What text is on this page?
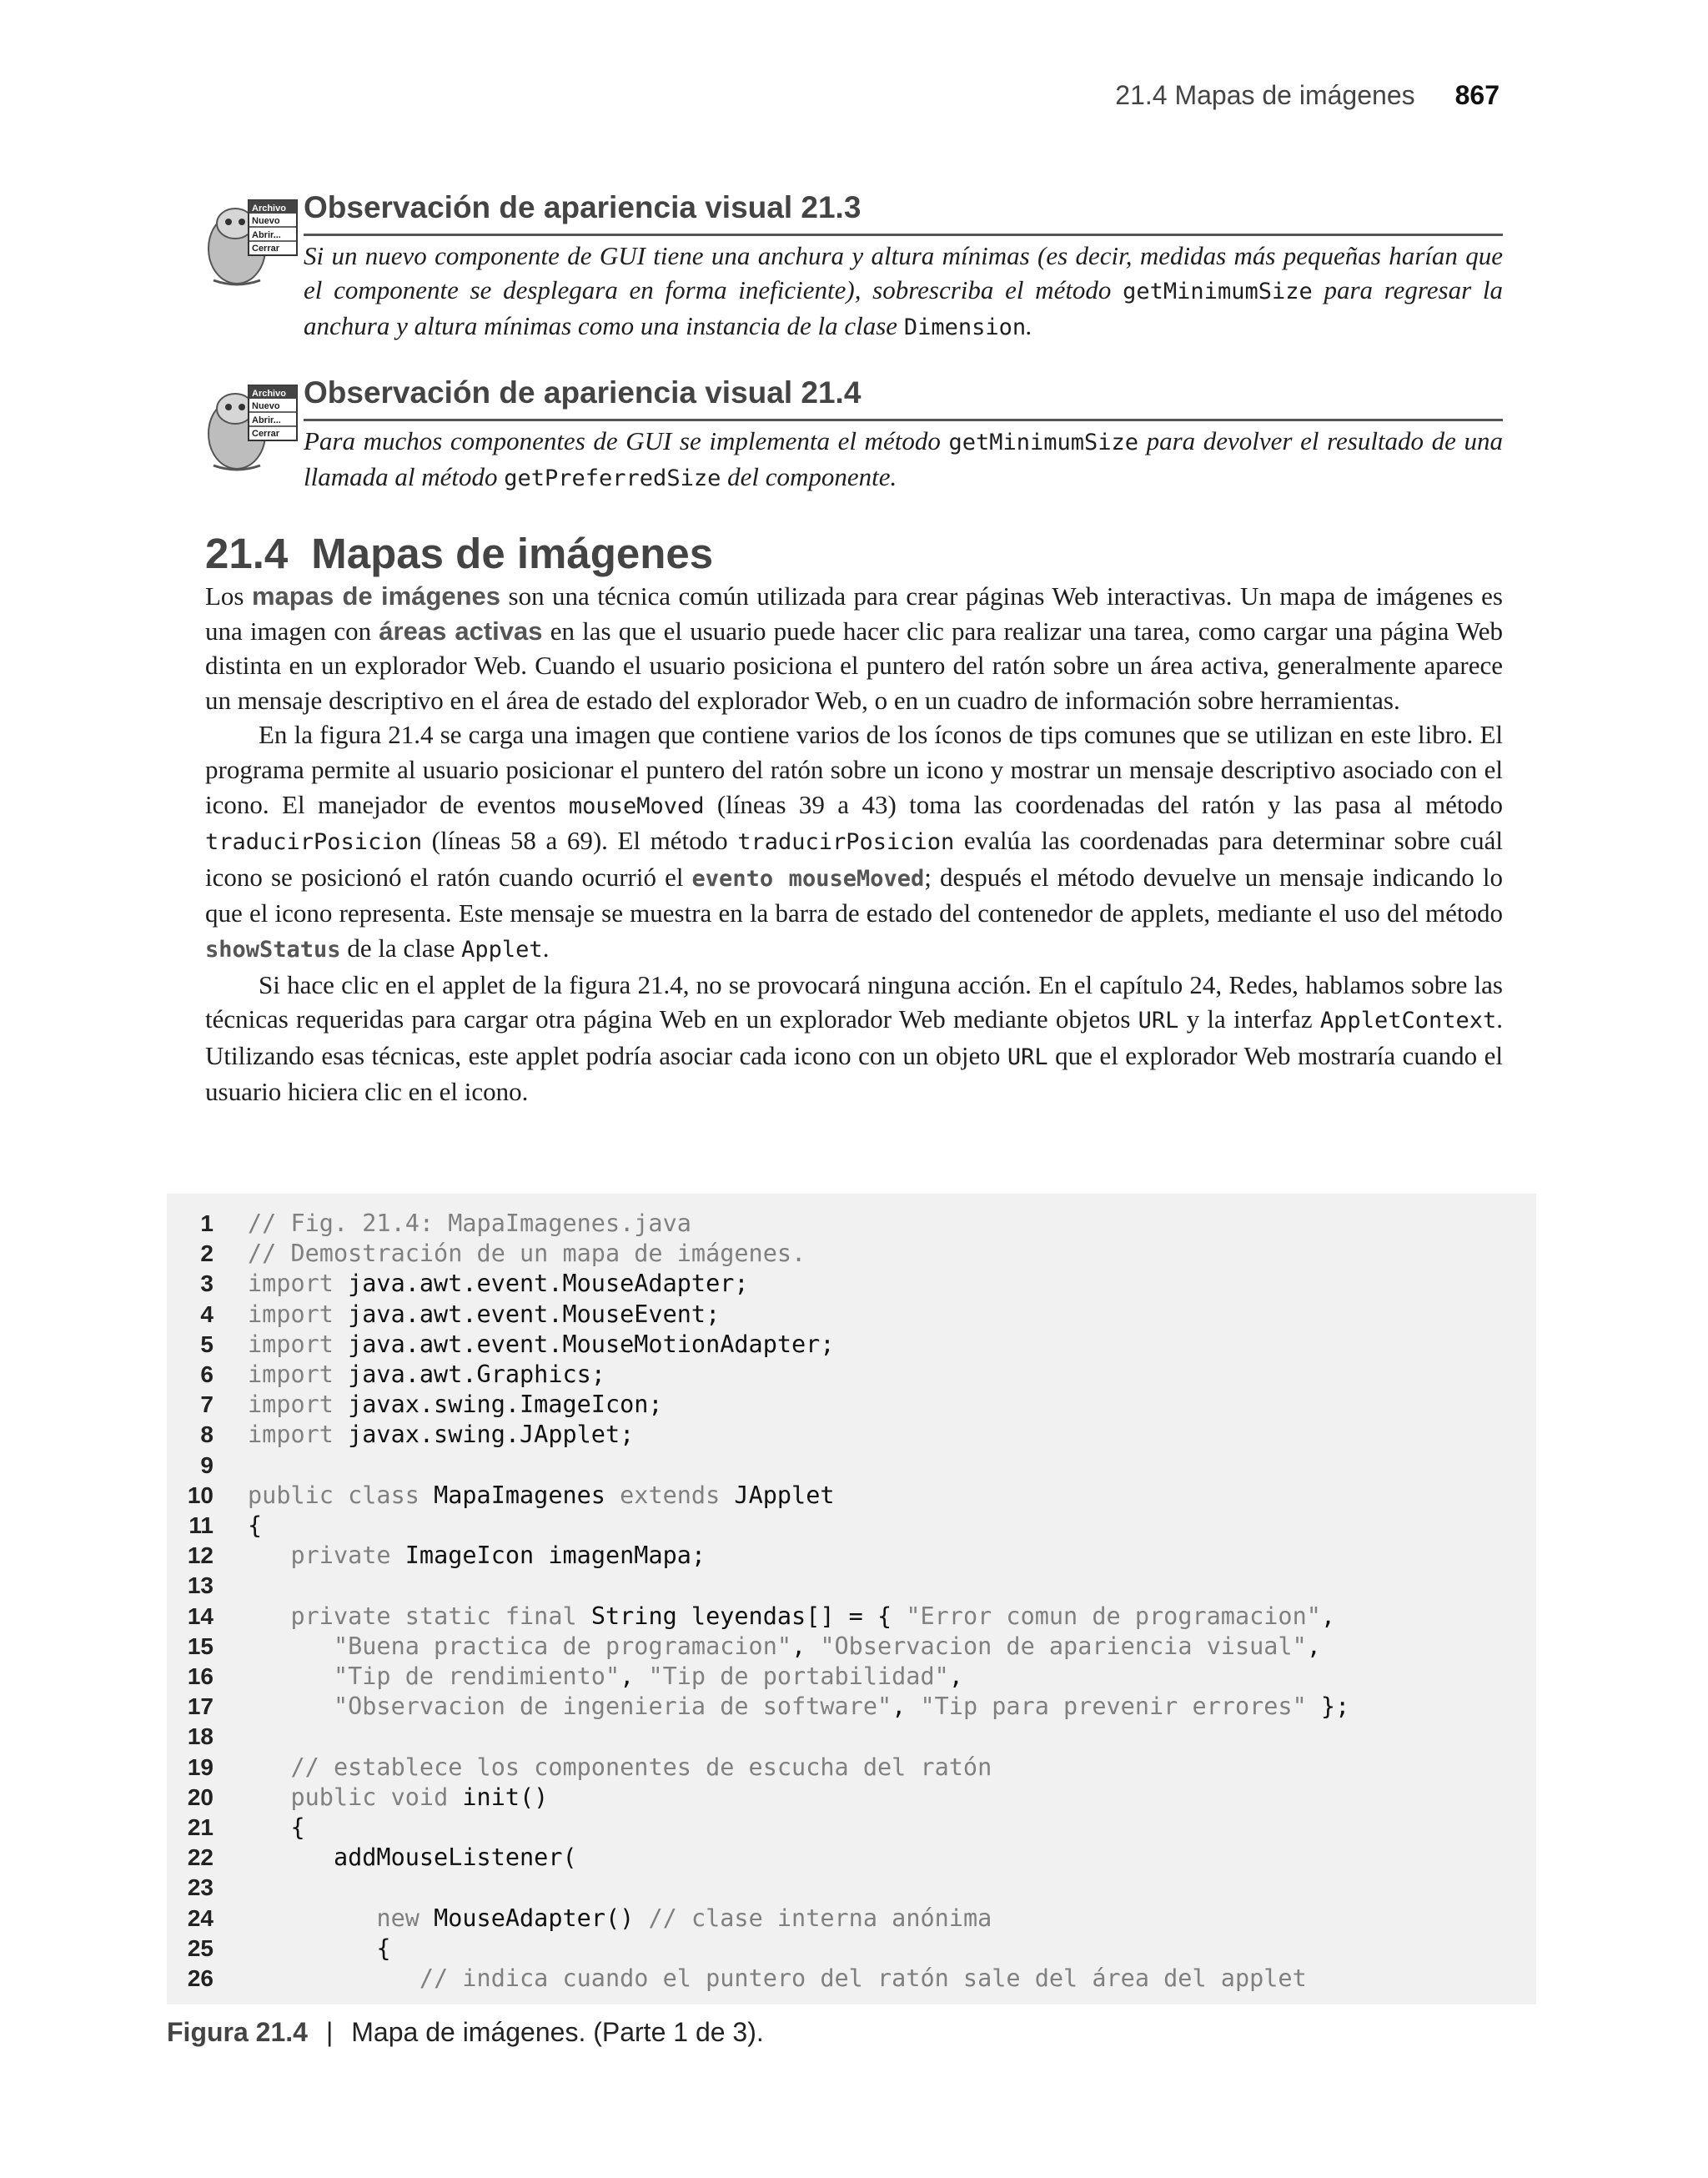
21.4 Mapas de imágenes 867
Archivo
Nuevo
Abrir...
Cerrar
Observación de apariencia visual 21.3
Si un nuevo componente de GUI tiene una anchura y altura mínimas (es decir, medidas más pequeñas harían que el componente se desplegara en forma ineficiente), sobrescriba el método getMinimumSize para regresar la anchura y altura mínimas como una instancia de la clase Dimension.
Archivo
Nuevo
Abrir...
Cerrar
Observación de apariencia visual 21.4
Para muchos componentes de GUI se implementa el método getMinimumSize para devolver el resultado de una llamada al método getPreferredSize del componente.
21.4 Mapas de imágenes

Los mapas de imágenes son una técnica común utilizada para crear páginas Web interactivas. Un mapa de imágenes es una imagen con áreas activas en las que el usuario puede hacer clic para realizar una tarea, como cargar una página Web distinta en un explorador Web. Cuando el usuario posiciona el puntero del ratón sobre un área activa, generalmente aparece un mensaje descriptivo en el área de estado del explorador Web, o en un cuadro de información sobre herramientas.

En la figura 21.4 se carga una imagen que contiene varios de los íconos de tips comunes que se utilizan en este libro. El programa permite al usuario posicionar el puntero del ratón sobre un icono y mostrar un mensaje descriptivo asociado con el icono. El manejador de eventos mouseMoved (líneas 39 a 43) toma las coordenadas del ratón y las pasa al método traducirPosicion (líneas 58 a 69). El método traducirPosicion evalúa las coordenadas para determinar sobre cuál icono se posicionó el ratón cuando ocurrió el evento mouseMoved; después el método devuelve un mensaje indicando lo que el icono representa. Este mensaje se muestra en la barra de estado del contenedor de applets, mediante el uso del método showStatus de la clase Applet.

Si hace clic en el applet de la figura 21.4, no se provocará ninguna acción. En el capítulo 24, Redes, hablamos sobre las técnicas requeridas para cargar otra página Web en un explorador Web mediante objetos URL y la interfaz AppletContext. Utilizando esas técnicas, este applet podría asociar cada icono con un objeto URL que el explorador Web mostraría cuando el usuario hiciera clic en el icono.

1 // Fig. 21.4: MapaImagenes.java
2 // Demostración de un mapa de imágenes.
3 import java.awt.event.MouseAdapter;
4 import java.awt.event.MouseEvent;
5 import java.awt.event.MouseMotionAdapter;
6 import java.awt.Graphics;
7 import javax.swing.ImageIcon;
8 import javax.swing.JApplet;
9
10 public class MapaImagenes extends JApplet
11 {
12	private ImageIcon imagenMapa;
13
14	private static final String leyendas[] = { "Error comun de programacion",
15	"Buena practica de programacion", "Observacion de apariencia visual",
16	"Tip de rendimiento", "Tip de portabilidad",
17	"Observacion de ingenieria de software", "Tip para prevenir errores" };
18
19	// establece los componentes de escucha del ratón
20	public void init()
21 {
22 addMouseListener(
23
24	new MouseAdapter() // clase interna anónima
25 {
26	// indica cuando el puntero del ratón sale del área del applet
Figura 21.4 | Mapa de imágenes. (Parte 1 de 3).
